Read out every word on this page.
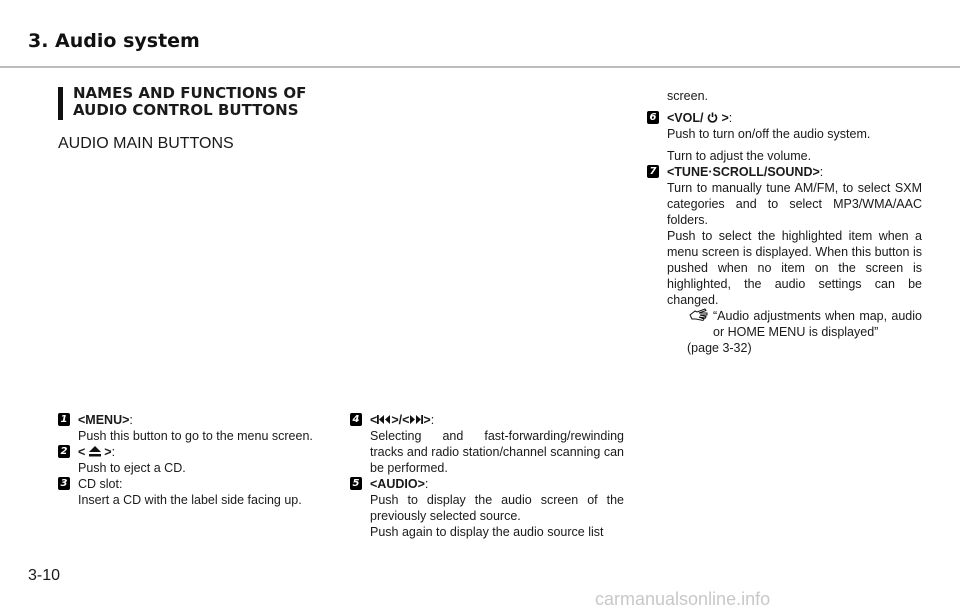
3. Audio system
NAMES AND FUNCTIONS OF
AUDIO CONTROL BUTTONS
AUDIO MAIN BUTTONS

1 <MENU>:

Push this button to go to the menu screen.

2 < >:

Push to eject a CD.

3 CD slot:

Insert a CD with the label side facing up.

4 < >/< >:

Selecting and fast-forwarding/rewinding tracks and radio station/channel scanning can be performed.

5 <AUDIO>:

Push to display the audio screen of the previously selected source.

Push again to display the audio source list

screen.

6 <VOL/ >:

Push to turn on/off the audio system.

Turn to adjust the volume.

7 <TUNE·SCROLL/SOUND>:

Turn to manually tune AM/FM, to select SXM categories and to select MP3/WMA/AAC folders.

Push to select the highlighted item when a menu screen is displayed. When this button is pushed when no item on the screen is highlighted, the audio settings can be changed.

“Audio adjustments when map, audio or HOME MENU is displayed”

(page 3-32)

3-10

carmanualsonline.info
